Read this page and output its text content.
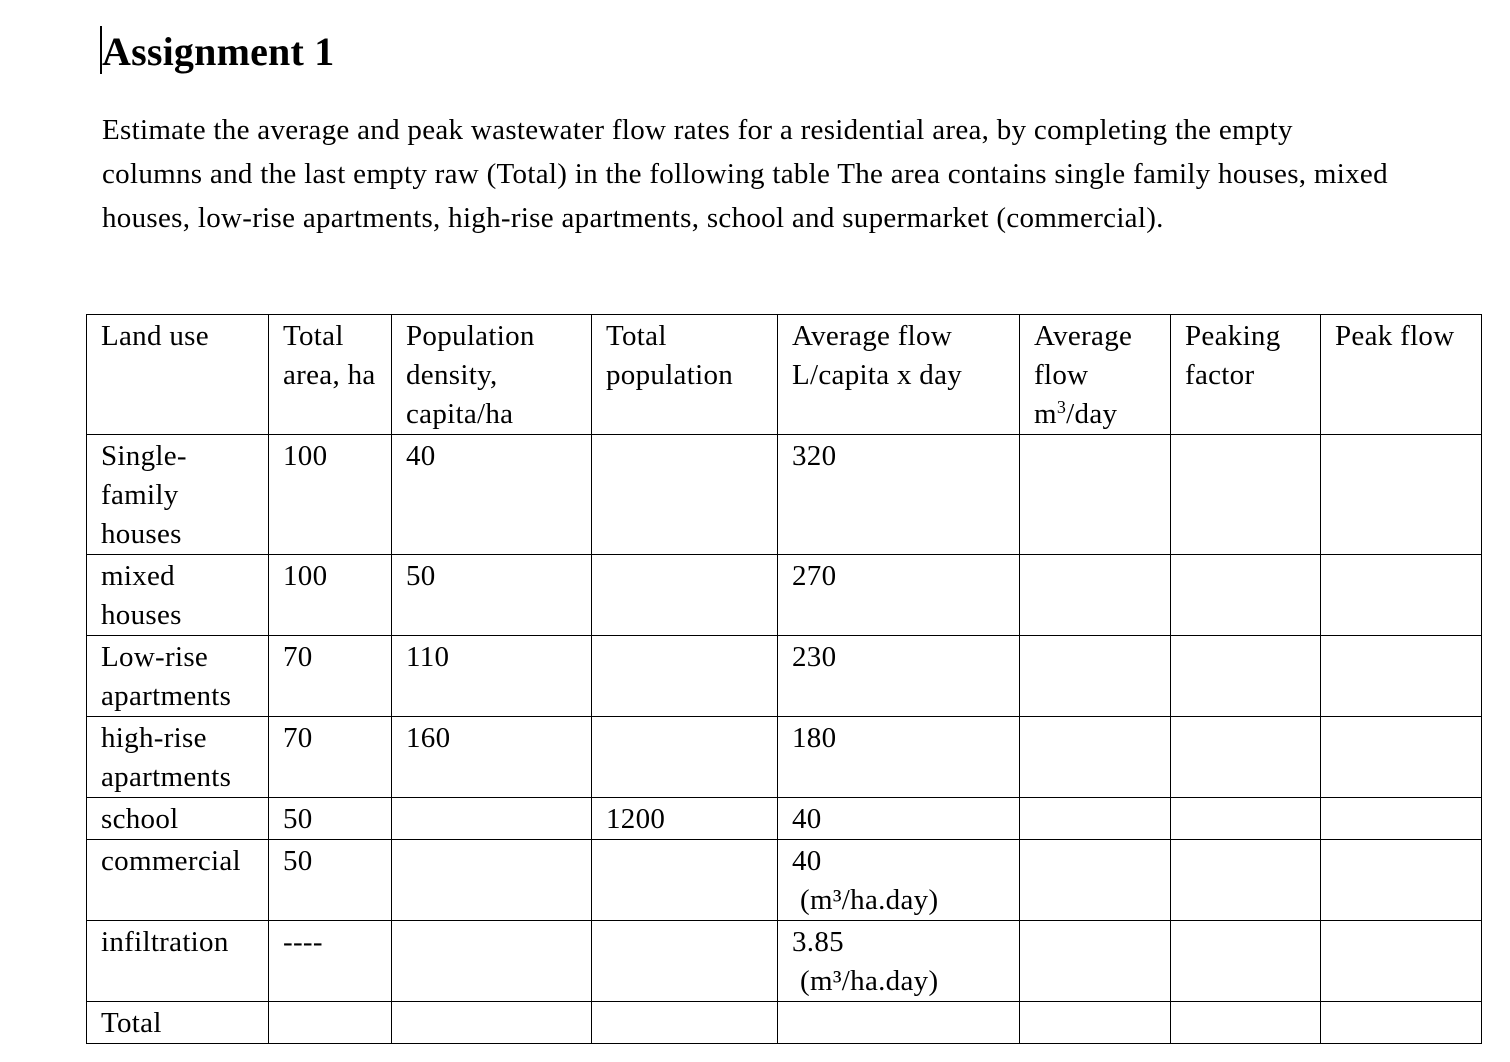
Assignment 1

Estimate the average and peak wastewater flow rates for a residential area, by completing the empty columns and the last empty raw (Total) in the following table The area contains single family houses, mixed houses, low-rise apartments, high-rise apartments, school and supermarket (commercial).

Land use	Total area, ha	Population density, capita/ha	Total population	Average flow L/capita x day	Average flow $m^3$/day	Peaking factor	Peak flow
Single-family houses	100	40		320

mixed houses	100	50		270

Low-rise apartments	70	110		230

high-rise apartments	70	160		180

school	50		1200	40

commercial	50			40
(m³/ha.day)			

infiltration	----			3.85
(m³/ha.day)			

Total				
